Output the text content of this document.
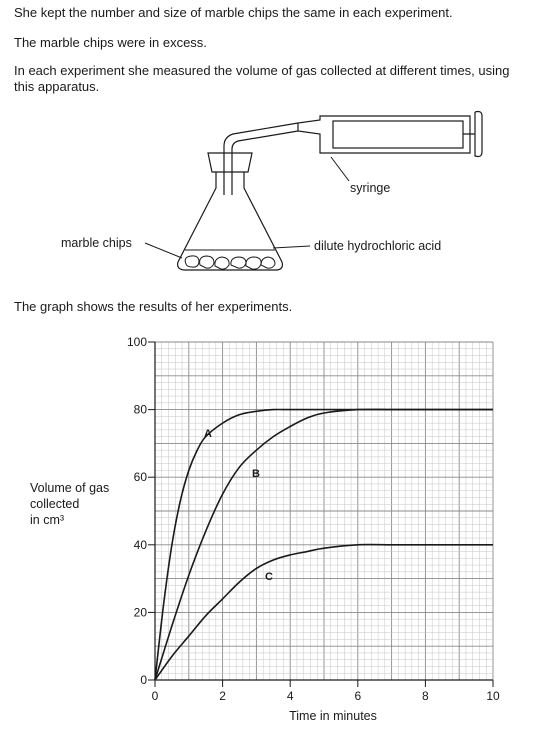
She kept the number and size of marble chips the same in each experiment.

The marble chips were in excess.

In each experiment she measured the volume of gas collected at different times, using this apparatus.

The graph shows the results of her experiments.

syringe
marble chips	dilute hydrochloric acid
0
20
40
60
80
100
0	2	4	6	8	10
A
B
C
Time in minutes

Volume of gas
collected
in cm³
